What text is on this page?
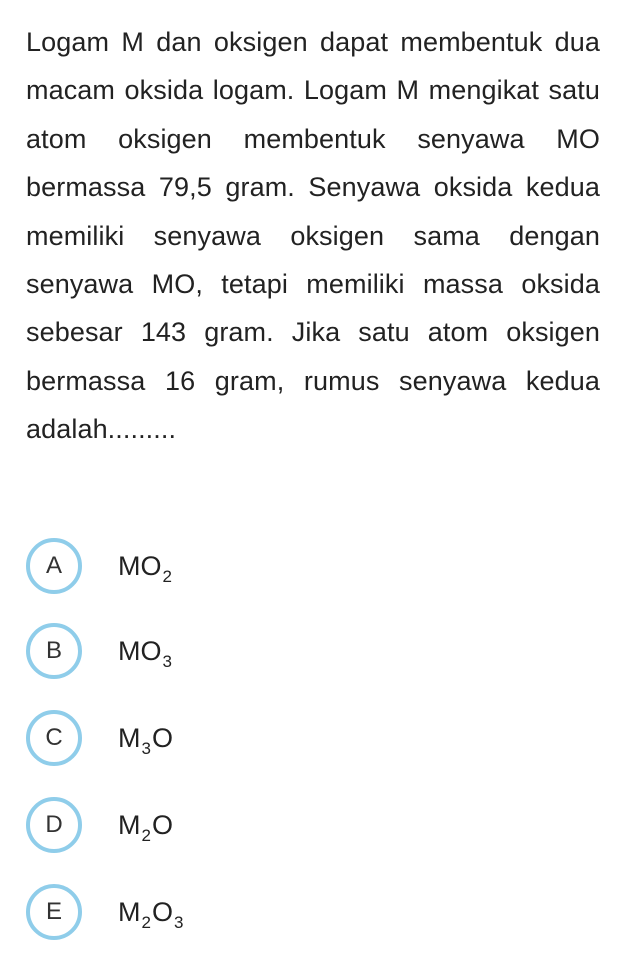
Logam M dan oksigen dapat membentuk dua macam oksida logam. Logam M mengikat satu atom oksigen membentuk senyawa MO bermassa 79,5 gram. Senyawa oksida kedua memiliki senyawa oksigen sama dengan senyawa MO, tetapi memiliki massa oksida sebesar 143 gram. Jika satu atom oksigen bermassa 16 gram, rumus senyawa kedua adalah.........
A	$MO_2$
B	$MO_3$
C	$M_3$ O
D	$M_2$ O
E	$M_2$ $O_3$
